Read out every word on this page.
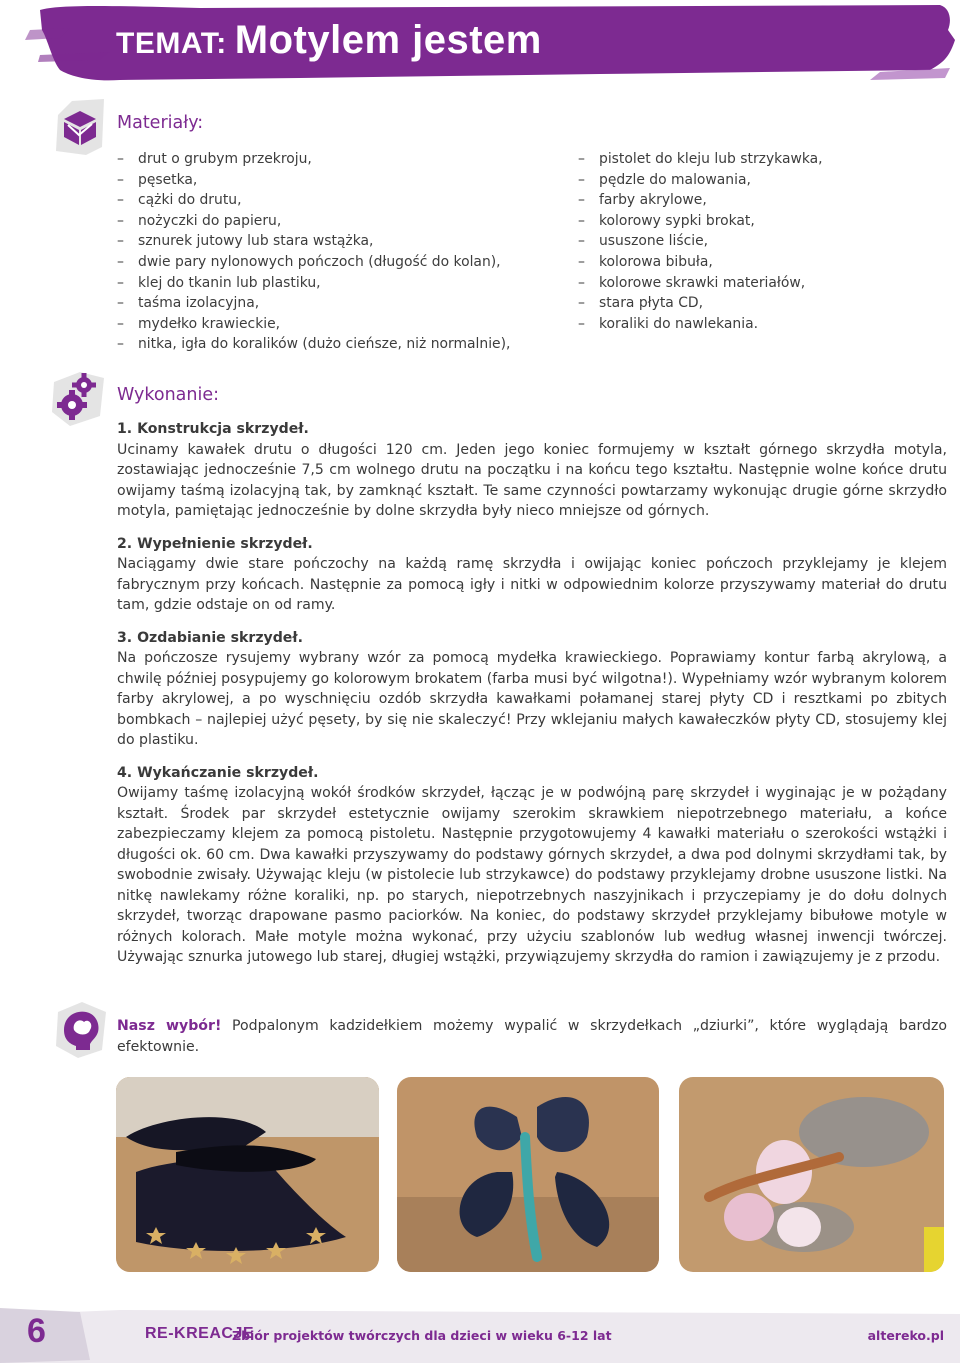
TEMAT: Motylem jestem
Materiały:
– drut o grubym przekroju,
– pęsetka,
– cążki do drutu,
– nożyczki do papieru,
– sznurek jutowy lub stara wstążka,
– dwie pary nylonowych pończoch (długość do kolan),
– klej do tkanin lub plastiku,
– taśma izolacyjna,
– mydełko krawieckie,
– nitka, igła do koralików (dużo cieńsze, niż normalnie),
– pistolet do kleju lub strzykawka,
– pędzle do malowania,
– farby akrylowe,
– kolorowy sypki brokat,
– ususzone liście,
– kolorowa bibuła,
– kolorowe skrawki materiałów,
– stara płyta CD,
– koraliki do nawlekania.
Wykonanie:
1. Konstrukcja skrzydeł.

Ucinamy kawałek drutu o długości 120 cm. Jeden jego koniec formujemy w kształt górnego skrzydła motyla, zostawiając jednocześnie 7,5 cm wolnego drutu na początku i na końcu tego kształtu. Następnie wolne końce drutu owijamy taśmą izolacyjną tak, by zamknąć kształt. Te same czynności powtarzamy wykonując drugie górne skrzydło motyla, pamiętając jednocześnie by dolne skrzydła były nieco mniejsze od górnych.

2. Wypełnienie skrzydeł.

Naciągamy dwie stare pończochy na każdą ramę skrzydła i owijając koniec pończoch przyklejamy je klejem fabrycznym przy końcach. Następnie za pomocą igły i nitki w odpowiednim kolorze przyszywamy materiał do drutu tam, gdzie odstaje on od ramy.

3. Ozdabianie skrzydeł.

Na pończosze rysujemy wybrany wzór za pomocą mydełka krawieckiego. Poprawiamy kontur farbą akrylową, a chwilę później posypujemy go kolorowym brokatem (farba musi być wilgotna!). Wypełniamy wzór wybranym kolorem farby akrylowej, a po wyschnięciu ozdób skrzydła kawałkami połamanej starej płyty CD i resztkami po zbitych bombkach – najlepiej użyć pęsety, by się nie skaleczyć! Przy wklejaniu małych kawałeczków płyty CD, stosujemy klej do plastiku.

4. Wykańczanie skrzydeł.

Owijamy taśmę izolacyjną wokół środków skrzydeł, łącząc je w podwójną parę skrzydeł i wyginając je w pożądany kształt. Środek par skrzydeł estetycznie owijamy szerokim skrawkiem niepotrzebnego materiału, a końce zabezpieczamy klejem za pomocą pistoletu. Następnie przygotowujemy 4 kawałki materiału o szerokości wstążki i długości ok. 60 cm. Dwa kawałki przyszywamy do podstawy górnych skrzydeł, a dwa pod dolnymi skrzydłami tak, by swobodnie zwisały. Używając kleju (w pistolecie lub strzykawce) do podstawy przyklejamy drobne ususzone listki. Na nitkę nawlekamy różne koraliki, np. po starych, niepotrzebnych naszyjnikach i przyczepiamy je do dołu dolnych skrzydeł, tworząc drapowane pasmo paciorków. Na koniec, do podstawy skrzydeł przyklejamy bibułowe motyle w różnych kolorach. Małe motyle można wykonać, przy użyciu szablonów lub według własnej inwencji twórczej. Używając sznurka jutowego lub starej, długiej wstążki, przywiązujemy skrzydła do ramion i zawiązujemy je z przodu.

Nasz wybór! Podpalonym kadzidełkiem możemy wypalić w skrzydełkach „dziurki”, które wyglądają bardzo efektownie.
6	RE-KREACJE
Zbiór projektów twórczych dla dzieci w wieku 6-12 lat	altereko.pl
